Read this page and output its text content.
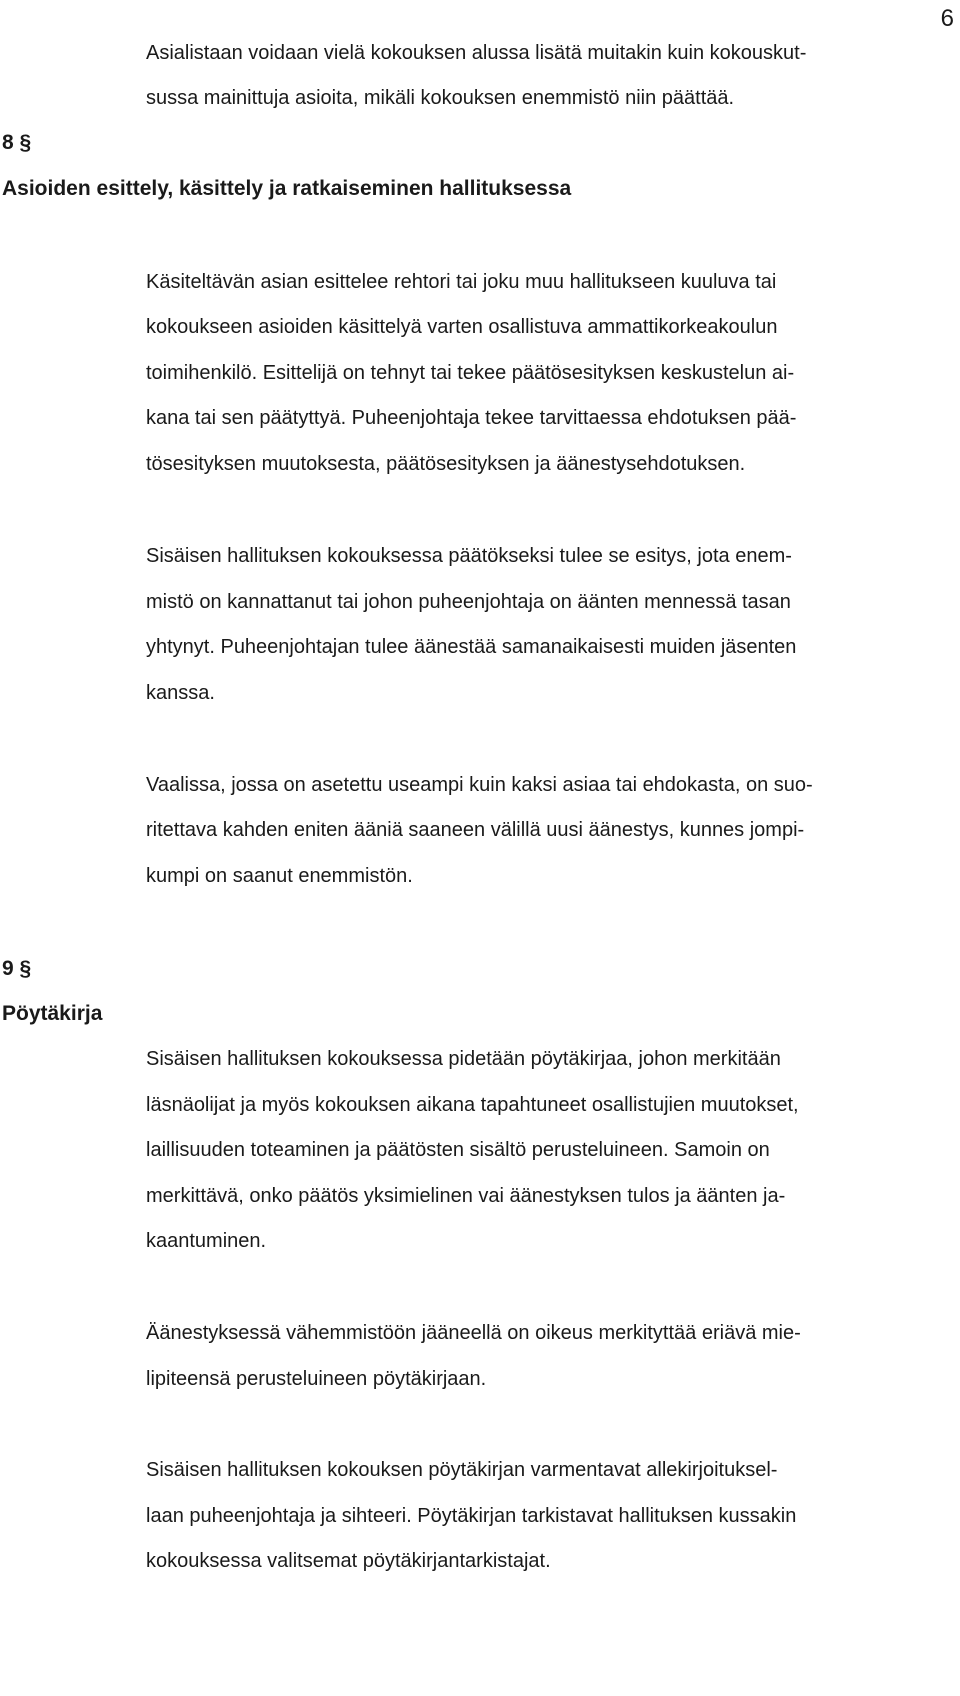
6
Asialistaan voidaan vielä kokouksen alussa lisätä muitakin kuin kokouskut-
sussa mainittuja asioita, mikäli kokouksen enemmistö niin päättää.
8 §
Asioiden esittely, käsittely ja ratkaiseminen hallituksessa
Käsiteltävän asian esittelee rehtori tai joku muu hallitukseen kuuluva tai
kokoukseen asioiden käsittelyä varten osallistuva ammattikorkeakoulun
toimihenkilö. Esittelijä on tehnyt tai tekee päätösesityksen keskustelun ai-
kana tai sen päätyttyä. Puheenjohtaja tekee tarvittaessa ehdotuksen pää-
tösesityksen muutoksesta, päätösesityksen ja äänestysehdotuksen.
Sisäisen hallituksen kokouksessa päätökseksi tulee se esitys, jota enem-
mistö on kannattanut tai johon puheenjohtaja on äänten mennessä tasan
yhtynyt. Puheenjohtajan tulee äänestää samanaikaisesti muiden jäsenten
kanssa.
Vaalissa, jossa on asetettu useampi kuin kaksi asiaa tai ehdokasta, on suo-
ritettava kahden eniten ääniä saaneen välillä uusi äänestys, kunnes jompi-
kumpi on saanut enemmistön.
9 §
Pöytäkirja
Sisäisen hallituksen kokouksessa pidetään pöytäkirjaa, johon merkitään
läsnäolijat ja myös kokouksen aikana tapahtuneet osallistujien muutokset,
laillisuuden toteaminen ja päätösten sisältö perusteluineen. Samoin on
merkittävä, onko päätös yksimielinen vai äänestyksen tulos ja äänten ja-
kaantuminen.
Äänestyksessä vähemmistöön jääneellä on oikeus merkityttää eriävä mie-
lipiteensä perusteluineen pöytäkirjaan.
Sisäisen hallituksen kokouksen pöytäkirjan varmentavat allekirjoituksel-
laan puheenjohtaja ja sihteeri. Pöytäkirjan tarkistavat hallituksen kussakin
kokouksessa valitsemat pöytäkirjantarkistajat.
